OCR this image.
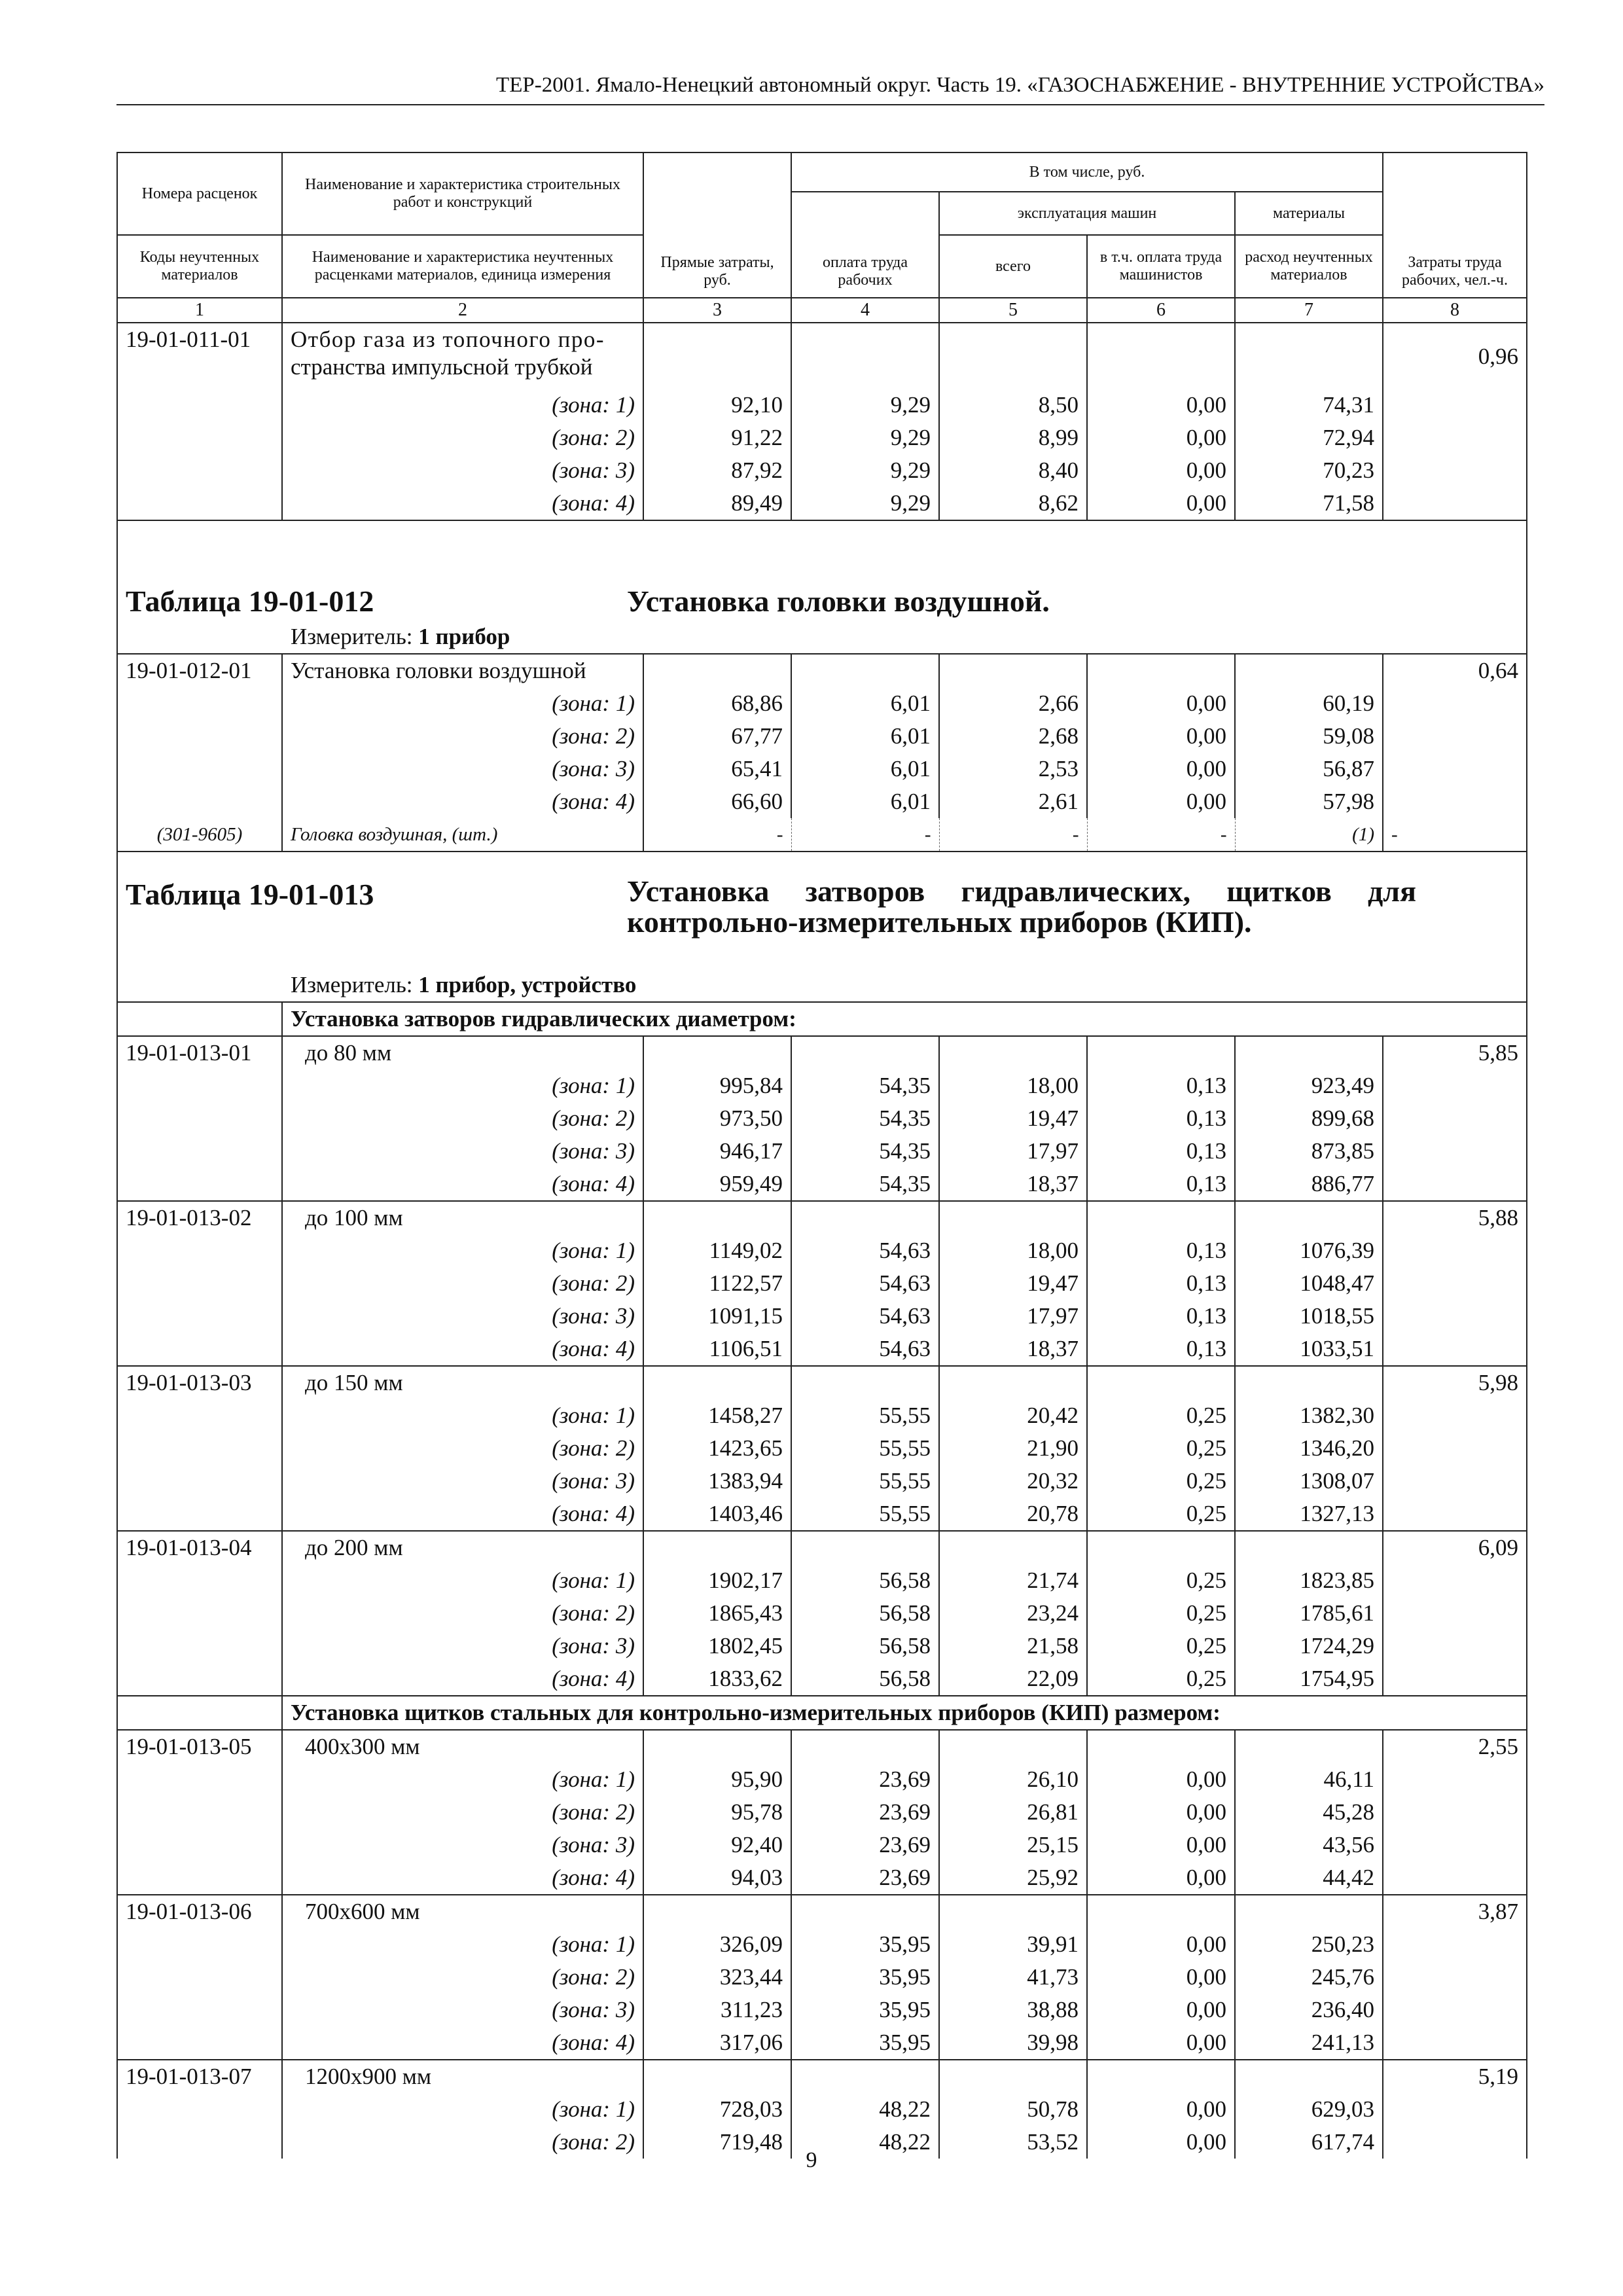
ТЕР-2001. Ямало-Ненецкий автономный округ. Часть 19. «ГАЗОСНАБЖЕНИЕ - ВНУТРЕННИЕ УСТРОЙСТВА»
Номера расценок	Наименование и характеристика строительных работ и конструкций	Прямые затраты, руб.	В том числе, руб.				Затраты труда рабочих, чел.-ч.
			оплата труда рабочих	эксплуатация машин		материалы	
Коды неучтенных материалов	Наименование и характеристика неучтенных расценками материалов, единица измерения			всего	в т.ч. оплата труда машинистов	расход неучтенных материалов	
1	2	3	4	5	6	7	8
19-01-011-01	Отбор газа из топочного про-						0,96
	странства импульсной трубкой						
	(зона: 1)	92,10	9,29	8,50	0,00	74,31	
	(зона: 2)	91,22	9,29	8,99	0,00	72,94	
	(зона: 3)	87,92	9,29	8,40	0,00	70,23	
	(зона: 4)	89,49	9,29	8,62	0,00	71,58	
Таблица 19-01-012 Установка головки воздушной.							
Измеритель: 1 прибор							
19-01-012-01	Установка головки воздушной						0,64
	(зона: 1)	68,86	6,01	2,66	0,00	60,19	
	(зона: 2)	67,77	6,01	2,68	0,00	59,08	
	(зона: 3)	65,41	6,01	2,53	0,00	56,87	
	(зона: 4)	66,60	6,01	2,61	0,00	57,98	
(301-9605)	Головка воздушная, (шт.)	-	-	-	-	(1)	-

Таблица 19-01-013 Установка затворов гидравлических, щитков для
контрольно-измерительных приборов (КИП).							

Измеритель: 1 прибор, устройство							
	Установка затворов гидравлических диаметром:						
19-01-013-01	до 80 мм						5,85
	(зона: 1)	995,84	54,35	18,00	0,13	923,49	
	(зона: 2)	973,50	54,35	19,47	0,13	899,68	
	(зона: 3)	946,17	54,35	17,97	0,13	873,85	
	(зона: 4)	959,49	54,35	18,37	0,13	886,77	
19-01-013-02	до 100 мм						5,88
	(зона: 1)	1149,02	54,63	18,00	0,13	1076,39	
	(зона: 2)	1122,57	54,63	19,47	0,13	1048,47	
	(зона: 3)	1091,15	54,63	17,97	0,13	1018,55	
	(зона: 4)	1106,51	54,63	18,37	0,13	1033,51	
19-01-013-03	до 150 мм						5,98
	(зона: 1)	1458,27	55,55	20,42	0,25	1382,30	
	(зона: 2)	1423,65	55,55	21,90	0,25	1346,20	
	(зона: 3)	1383,94	55,55	20,32	0,25	1308,07	
	(зона: 4)	1403,46	55,55	20,78	0,25	1327,13	
19-01-013-04	до 200 мм						6,09
	(зона: 1)	1902,17	56,58	21,74	0,25	1823,85	
	(зона: 2)	1865,43	56,58	23,24	0,25	1785,61	
	(зона: 3)	1802,45	56,58	21,58	0,25	1724,29	
	(зона: 4)	1833,62	56,58	22,09	0,25	1754,95	
	Установка щитков стальных для контрольно-измерительных приборов (КИП) размером:						
19-01-013-05	400х300 мм						2,55
	(зона: 1)	95,90	23,69	26,10	0,00	46,11	
	(зона: 2)	95,78	23,69	26,81	0,00	45,28	
	(зона: 3)	92,40	23,69	25,15	0,00	43,56	
	(зона: 4)	94,03	23,69	25,92	0,00	44,42	
19-01-013-06	700х600 мм						3,87
	(зона: 1)	326,09	35,95	39,91	0,00	250,23	
	(зона: 2)	323,44	35,95	41,73	0,00	245,76	
	(зона: 3)	311,23	35,95	38,88	0,00	236,40	
	(зона: 4)	317,06	35,95	39,98	0,00	241,13	
19-01-013-07	1200х900 мм						5,19
	(зона: 1)	728,03	48,22	50,78	0,00	629,03	
	(зона: 2)	719,48	48,22	53,52	0,00	617,74	
9
